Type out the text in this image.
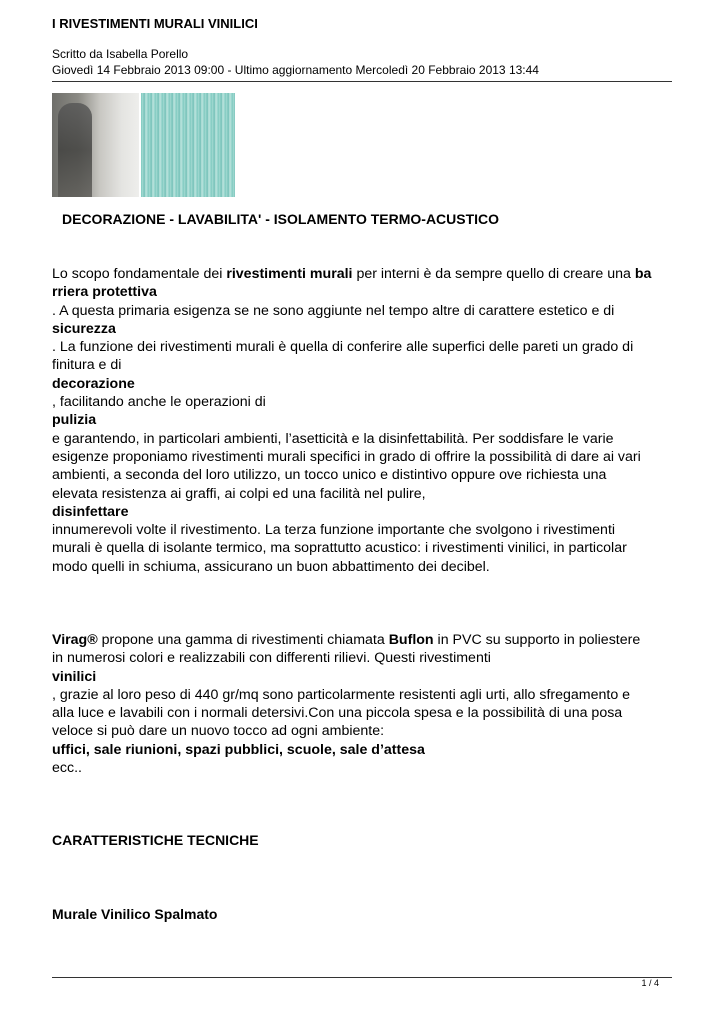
I RIVESTIMENTI MURALI VINILICI
Scritto da Isabella Porello
Giovedì 14 Febbraio 2013 09:00 - Ultimo aggiornamento Mercoledì 20 Febbraio 2013 13:44
DECORAZIONE - LAVABILITA' - ISOLAMENTO TERMO-ACUSTICO
Lo scopo fondamentale dei rivestimenti murali per interni è da sempre quello di creare una ba
rriera protettiva
. A questa primaria esigenza se ne sono aggiunte nel tempo altre di carattere estetico e di
sicurezza
. La funzione dei rivestimenti murali è quella di conferire alle superfici delle pareti un grado di
finitura e di
decorazione
, facilitando anche le operazioni di
pulizia
e garantendo, in particolari ambienti, l’asetticità e la disinfettabilità. Per soddisfare le varie
esigenze proponiamo rivestimenti murali specifici in grado di offrire la possibilità di dare ai vari
ambienti, a seconda del loro utilizzo, un tocco unico e distintivo oppure ove richiesta una
elevata resistenza ai graffi, ai colpi ed una facilità nel pulire,
disinfettare
innumerevoli volte il rivestimento. La terza funzione importante che svolgono i rivestimenti
murali è quella di isolante termico, ma soprattutto acustico: i rivestimenti vinilici, in particolar
modo quelli in schiuma, assicurano un buon abbattimento dei decibel.
Virag® propone una gamma di rivestimenti chiamata Buflon in PVC su supporto in poliestere
in numerosi colori e realizzabili con differenti rilievi. Questi rivestimenti
vinilici
, grazie al loro peso di 440 gr/mq sono particolarmente resistenti agli urti, allo sfregamento e
alla luce e lavabili con i normali detersivi.Con una piccola spesa e la possibilità di una posa
veloce si può dare un nuovo tocco ad ogni ambiente:
uffici, sale riunioni, spazi pubblici, scuole, sale d’attesa
ecc..
CARATTERISTICHE TECNICHE
Murale Vinilico Spalmato
1 / 4
